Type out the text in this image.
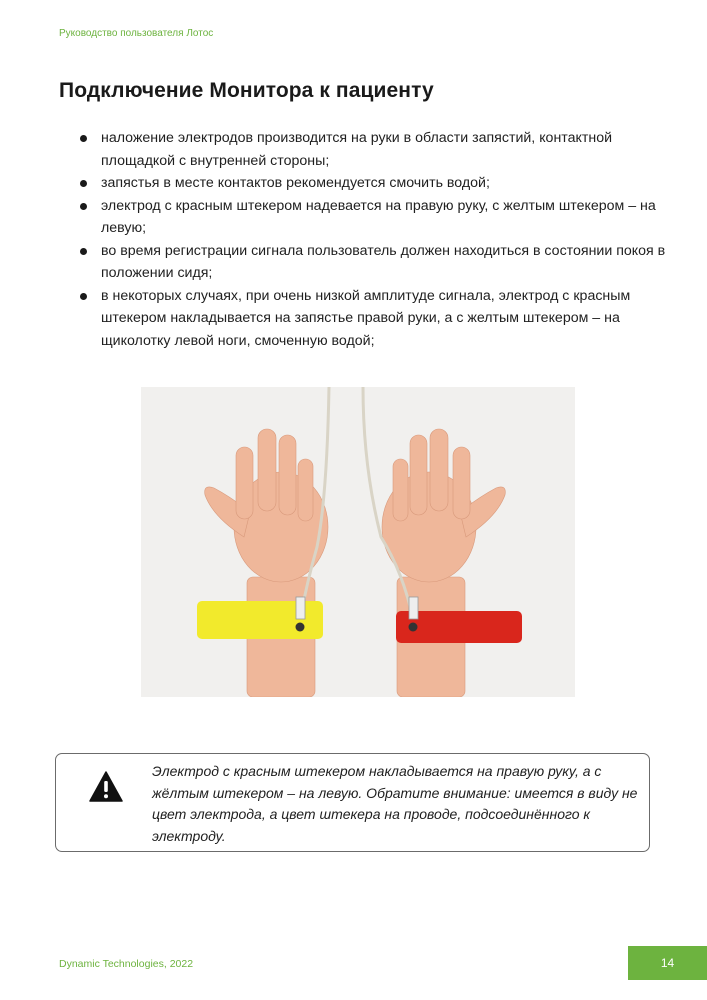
Руководство пользователя Лотос
Подключение Монитора к пациенту
наложение электродов производится на руки в области запястий, контактной площадкой с внутренней стороны;
запястья в месте контактов рекомендуется смочить водой;
электрод с красным штекером надевается на правую руку, с желтым штекером – на левую;
во время регистрации сигнала пользователь должен находиться в состоянии покоя в положении сидя;
в некоторых случаях, при очень низкой амплитуде сигнала, электрод с красным штекером накладывается на запястье правой руки, а с желтым штекером – на щиколотку левой ноги, смоченную водой;
Электрод с красным штекером накладывается на правую руку, а с жёлтым штекером – на левую. Обратите внимание: имеется в виду не цвет электрода, а цвет штекера на проводе, подсоединённого к электроду.
Dynamic Technologies, 2022	14
